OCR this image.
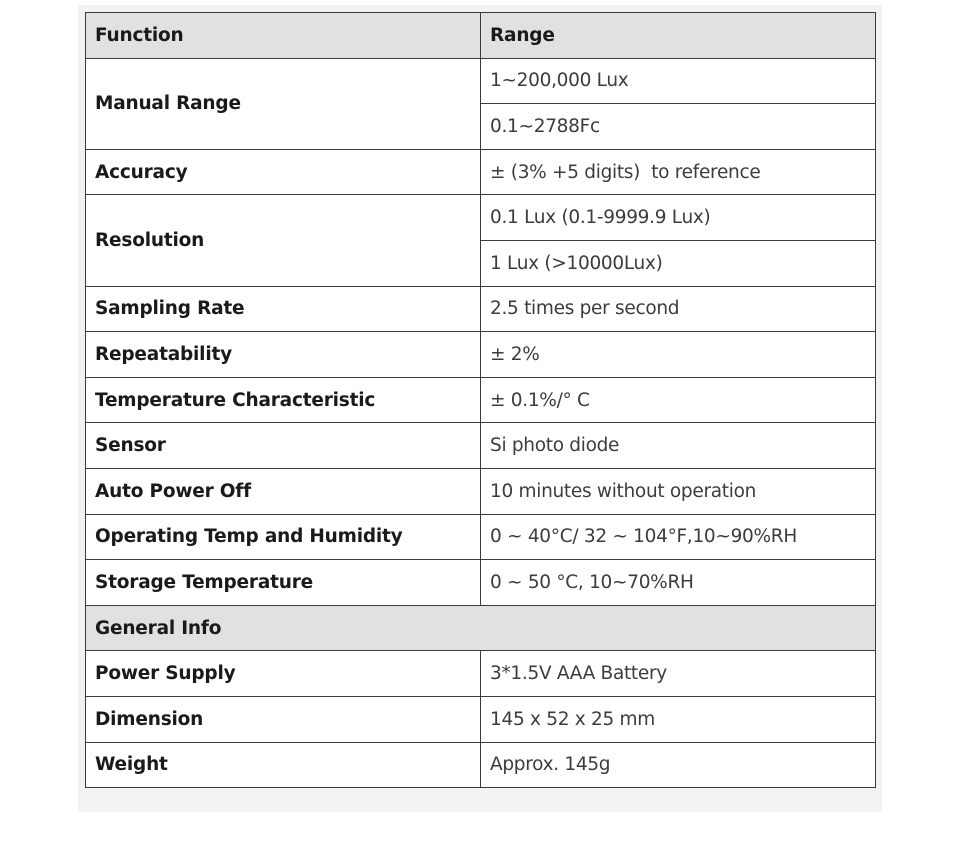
Function	Range
Manual Range	1~200,000 Lux
	0.1~2788Fc
Accuracy	± (3% +5 digits)  to reference
Resolution	0.1 Lux (0.1-9999.9 Lux)
	1 Lux (>10000Lux)
Sampling Rate	2.5 times per second
Repeatability	± 2%
Temperature Characteristic	± 0.1%/° C
Sensor	Si photo diode
Auto Power Off	10 minutes without operation
Operating Temp and Humidity	0 ~ 40°C/ 32 ~ 104°F,10~90%RH
Storage Temperature	0 ~ 50 °C, 10~70%RH
General Info	
Power Supply	3*1.5V AAA Battery
Dimension	145 x 52 x 25 mm
Weight	Approx. 145g
